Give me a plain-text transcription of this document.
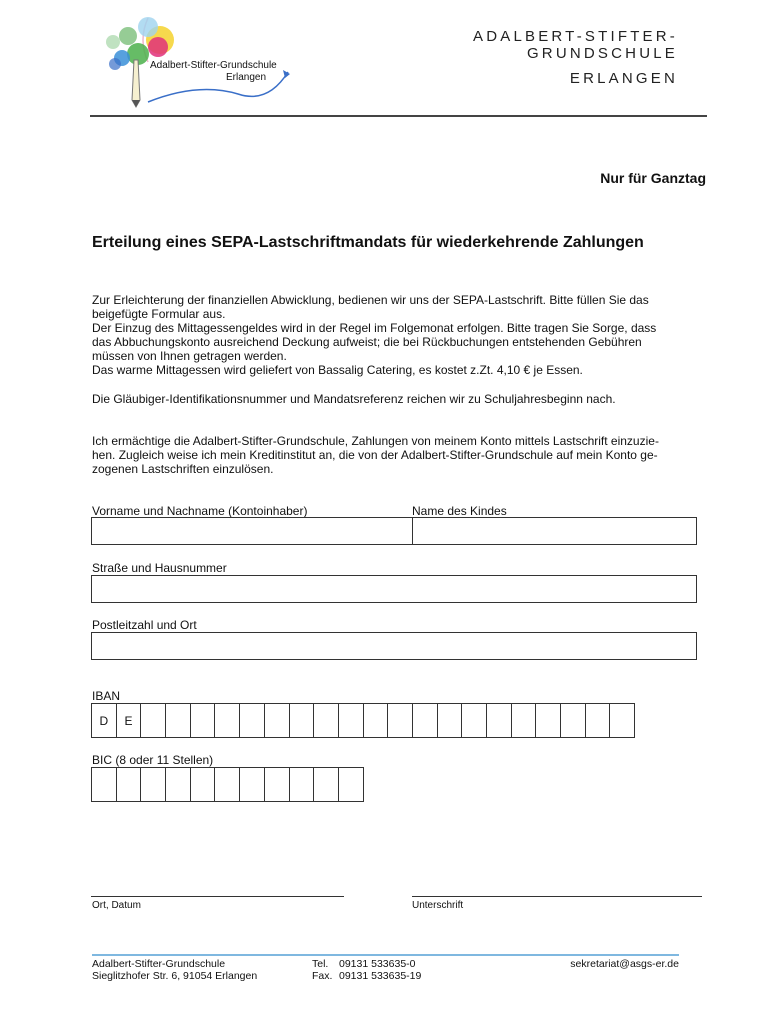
Adalbert-Stifter-Grundschule
Erlangen
ADALBERT-STIFTER-GRUNDSCHULE
ERLANGEN
Nur für Ganztag
Erteilung eines SEPA-Lastschriftmandats für wiederkehrende Zahlungen
Zur Erleichterung der finanziellen Abwicklung, bedienen wir uns der SEPA-Lastschrift. Bitte füllen Sie das
beigefügte Formular aus.
Der Einzug des Mittagessengeldes wird in der Regel im Folgemonat erfolgen. Bitte tragen Sie Sorge, dass
das Abbuchungskonto ausreichend Deckung aufweist; die bei Rückbuchungen entstehenden Gebühren
müssen von Ihnen getragen werden.
Das warme Mittagessen wird geliefert von Bassalig Catering, es kostet z.Zt. 4,10 € je Essen.
Die Gläubiger-Identifikationsnummer und Mandatsreferenz reichen wir zu Schuljahresbeginn nach.
Ich ermächtige die Adalbert-Stifter-Grundschule, Zahlungen von meinem Konto mittels Lastschrift einzuzie-
hen. Zugleich weise ich mein Kreditinstitut an, die von der Adalbert-Stifter-Grundschule auf mein Konto ge-
zogenen Lastschriften einzulösen.
Vorname und Nachname (Kontoinhaber)	Name des Kindes
Straße und Hausnummer
Postleitzahl und Ort
IBAN
D	E
BIC (8 oder 11 Stellen)
Ort, Datum	Unterschrift
Adalbert-Stifter-Grundschule
Sieglitzhofer Str. 6, 91054 Erlangen
Tel. 09131 533635-0
Fax. 09131 533635-19
sekretariat@asgs-er.de
